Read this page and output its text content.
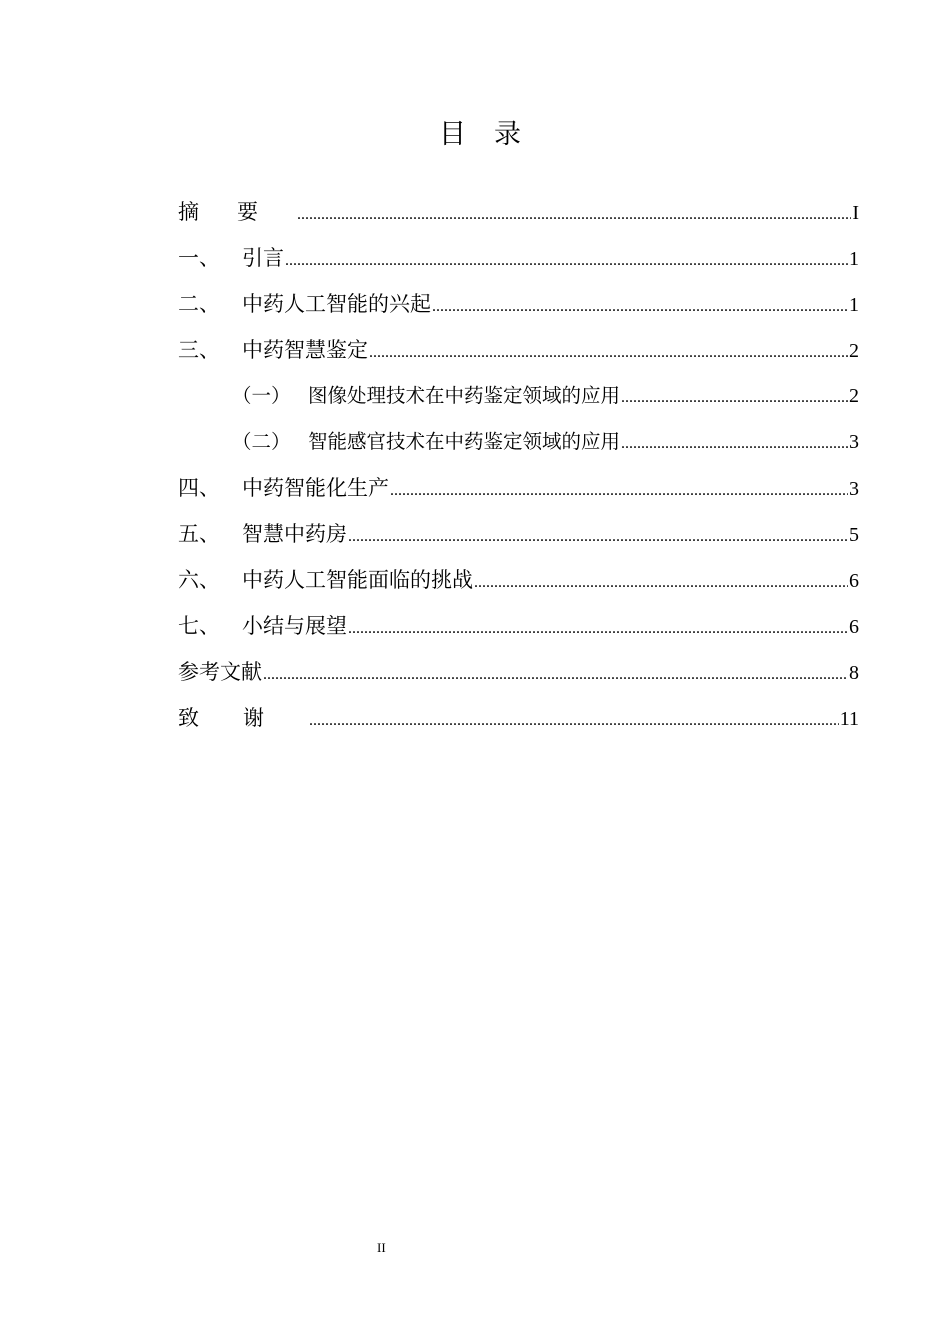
目录
摘要 .....	I
一、	引言 .....	1
二、	中药人工智能的兴起 .....	1
三、	中药智慧鉴定 .....	2
（一） 图像处理技术在中药鉴定领域的应用 .....	2
（二） 智能感官技术在中药鉴定领域的应用 .....	3
四、	中药智能化生产 .....	3
五、	智慧中药房 .....	5
六、	中药人工智能面临的挑战 .....	6
七、	小结与展望 .....	6
参考文献 .....	8
致谢 .....	11
II
